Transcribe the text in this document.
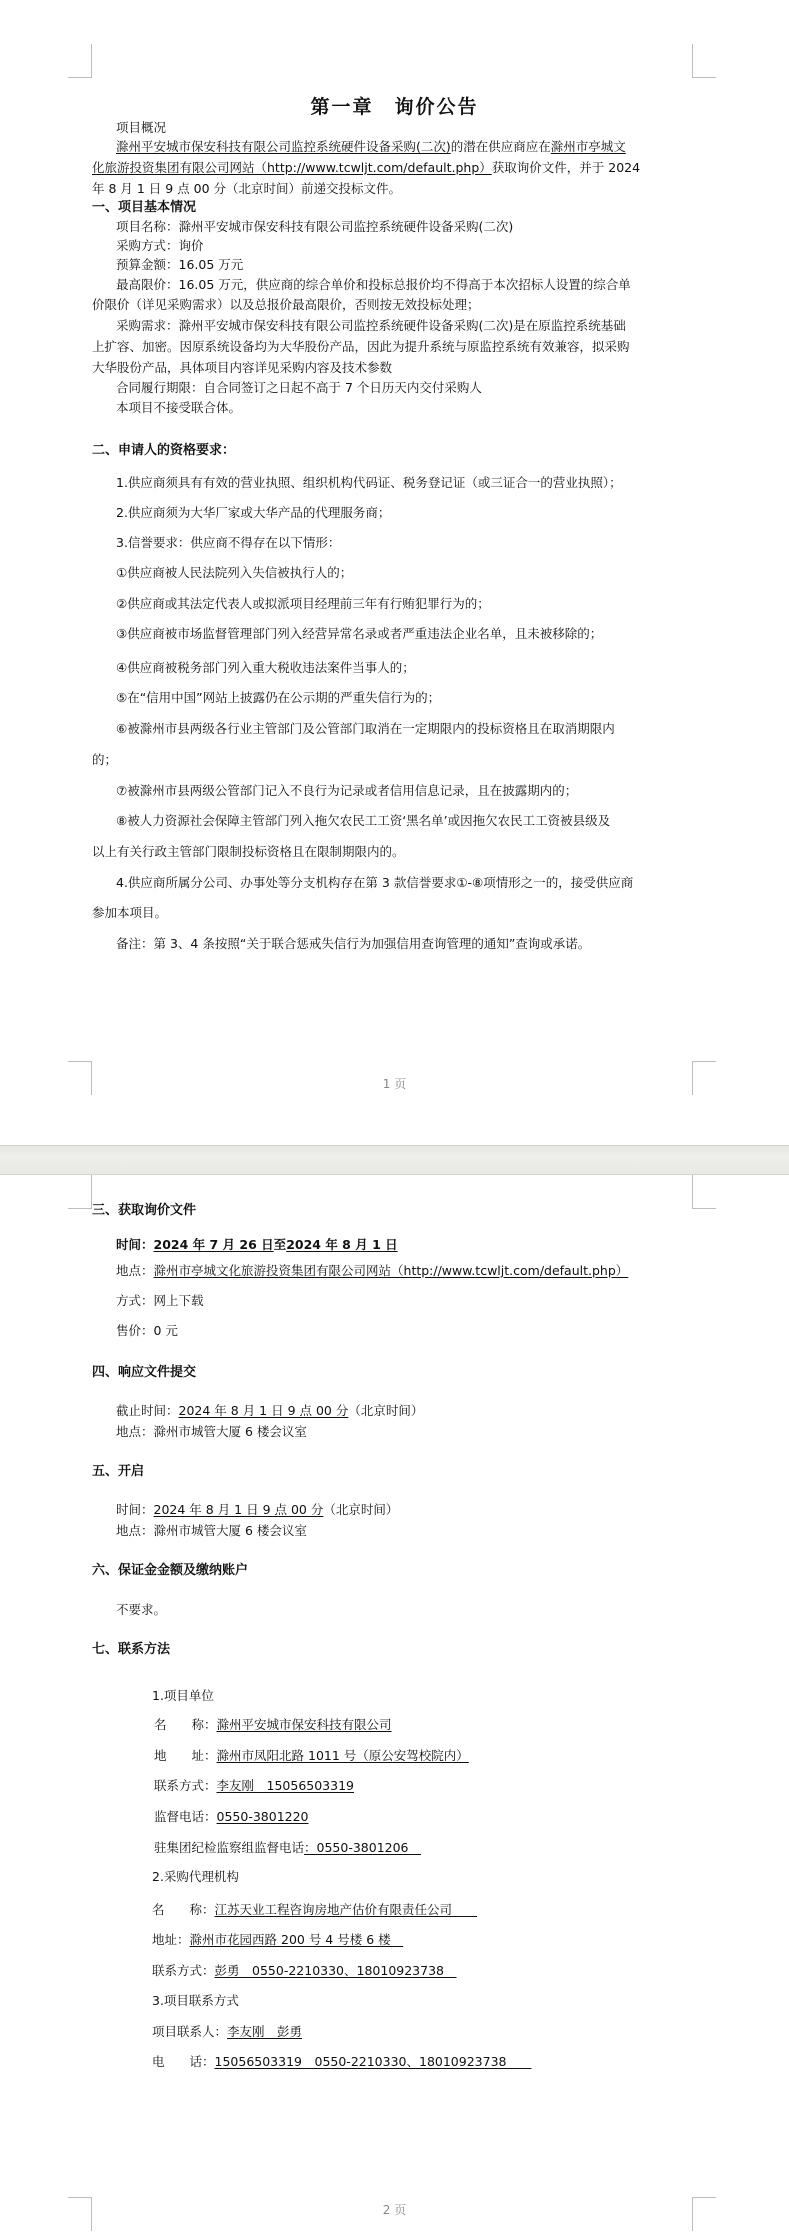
第一章　询价公告
项目概况
滁州平安城市保安科技有限公司监控系统硬件设备采购(二次)的潜在供应商应在滁州市亭城文
化旅游投资集团有限公司网站（http://www.tcwljt.com/default.php）获取询价文件，并于 2024
年 8 月 1 日 9 点 00 分（北京时间）前递交投标文件。
一、项目基本情况
项目名称：滁州平安城市保安科技有限公司监控系统硬件设备采购(二次)
采购方式：询价
预算金额：16.05 万元
最高限价：16.05 万元，供应商的综合单价和投标总报价均不得高于本次招标人设置的综合单
价限价（详见采购需求）以及总报价最高限价，否则按无效投标处理；
采购需求：滁州平安城市保安科技有限公司监控系统硬件设备采购(二次)是在原监控系统基础
上扩容、加密。因原系统设备均为大华股份产品，因此为提升系统与原监控系统有效兼容，拟采购
大华股份产品，具体项目内容详见采购内容及技术参数
合同履行期限：自合同签订之日起不高于 7 个日历天内交付采购人
本项目不接受联合体。
二、申请人的资格要求：
1.供应商须具有有效的营业执照、组织机构代码证、税务登记证（或三证合一的营业执照）；
2.供应商须为大华厂家或大华产品的代理服务商；
3.信誉要求：供应商不得存在以下情形：
①供应商被人民法院列入失信被执行人的；
②供应商或其法定代表人或拟派项目经理前三年有行贿犯罪行为的；
③供应商被市场监督管理部门列入经营异常名录或者严重违法企业名单，且未被移除的；
④供应商被税务部门列入重大税收违法案件当事人的；
⑤在“信用中国”网站上披露仍在公示期的严重失信行为的；
⑥被滁州市县两级各行业主管部门及公管部门取消在一定期限内的投标资格且在取消期限内
的；
⑦被滁州市县两级公管部门记入不良行为记录或者信用信息记录，且在披露期内的；
⑧被人力资源社会保障主管部门列入拖欠农民工工资‘黑名单’或因拖欠农民工工资被县级及
以上有关行政主管部门限制投标资格且在限制期限内的。
4.供应商所属分公司、办事处等分支机构存在第 3 款信誉要求①-⑧项情形之一的，接受供应商
参加本项目。
备注：第 3、4 条按照“关于联合惩戒失信行为加强信用查询管理的通知”查询或承诺。
1 页
三、获取询价文件
时间：2024 年 7 月 26 日至2024 年 8 月 1 日
地点：滁州市亭城文化旅游投资集团有限公司网站（http://www.tcwljt.com/default.php）
方式：网上下载
售价：0 元
四、响应文件提交
截止时间：2024 年 8 月 1 日 9 点 00 分（北京时间）
地点：滁州市城管大厦 6 楼会议室
五、开启
时间：2024 年 8 月 1 日 9 点 00 分（北京时间）
地点：滁州市城管大厦 6 楼会议室
六、保证金金额及缴纳账户
不要求。
七、联系方法
1.项目单位
名　　称：滁州平安城市保安科技有限公司
地　　址：滁州市凤阳北路 1011 号（原公安驾校院内）
联系方式：李友刚　15056503319
监督电话：0550-3801220
驻集团纪检监察组监督电话：0550-3801206　
2.采购代理机构
名　　称：江苏天业工程咨询房地产估价有限责任公司　　
地址：滁州市花园西路 200 号 4 号楼 6 楼　
联系方式：彭勇　0550-2210330、18010923738　
3.项目联系方式
项目联系人：李友刚　彭勇
电　　话：15056503319　0550-2210330、18010923738　　
2 页
